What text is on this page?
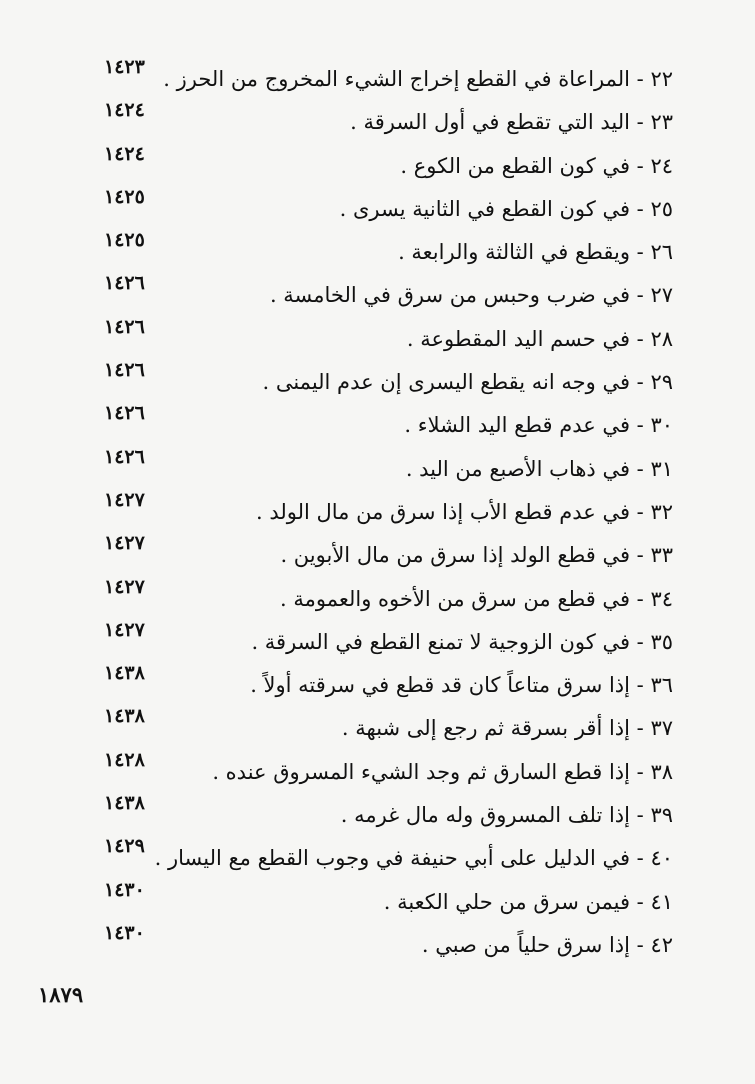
٢٢ - المراعاة في القطع إخراج الشيء المخروج من الحرز .
١٤٢٣
٢٣ - اليد التي تقطع في أول السرقة .
١٤٢٤
٢٤ - في كون القطع من الكوع .
١٤٢٤
٢٥ - في كون القطع في الثانية يسرى .
١٤٢٥
٢٦ - ويقطع في الثالثة والرابعة .
١٤٢٥
٢٧ - في ضرب وحبس من سرق في الخامسة .
١٤٢٦
٢٨ - في حسم اليد المقطوعة .
١٤٢٦
٢٩ - في وجه انه يقطع اليسرى إن عدم اليمنى .
١٤٢٦
٣٠ - في عدم قطع اليد الشلاء .
١٤٢٦
٣١ - في ذهاب الأصبع من اليد .
١٤٢٦
٣٢ - في عدم قطع الأب إذا سرق من مال الولد .
١٤٢٧
٣٣ - في قطع الولد إذا سرق من مال الأبوين .
١٤٢٧
٣٤ - في قطع من سرق من الأخوه والعمومة .
١٤٢٧
٣٥ - في كون الزوجية لا تمنع القطع في السرقة .
١٤٢٧
٣٦ - إذا سرق متاعاً كان قد قطع في سرقته أولاً .
١٤٣٨
٣٧ - إذا أقر بسرقة ثم رجع إلى شبهة .
١٤٣٨
٣٨ - إذا قطع السارق ثم وجد الشيء المسروق عنده .
١٤٢٨
٣٩ - إذا تلف المسروق وله مال غرمه .
١٤٣٨
٤٠ - في الدليل على أبي حنيفة في وجوب القطع مع اليسار .
١٤٢٩
٤١ - فيمن سرق من حلي الكعبة .
١٤٣٠
٤٢ - إذا سرق حلياً من صبي .
١٤٣٠
١٨٧٩
